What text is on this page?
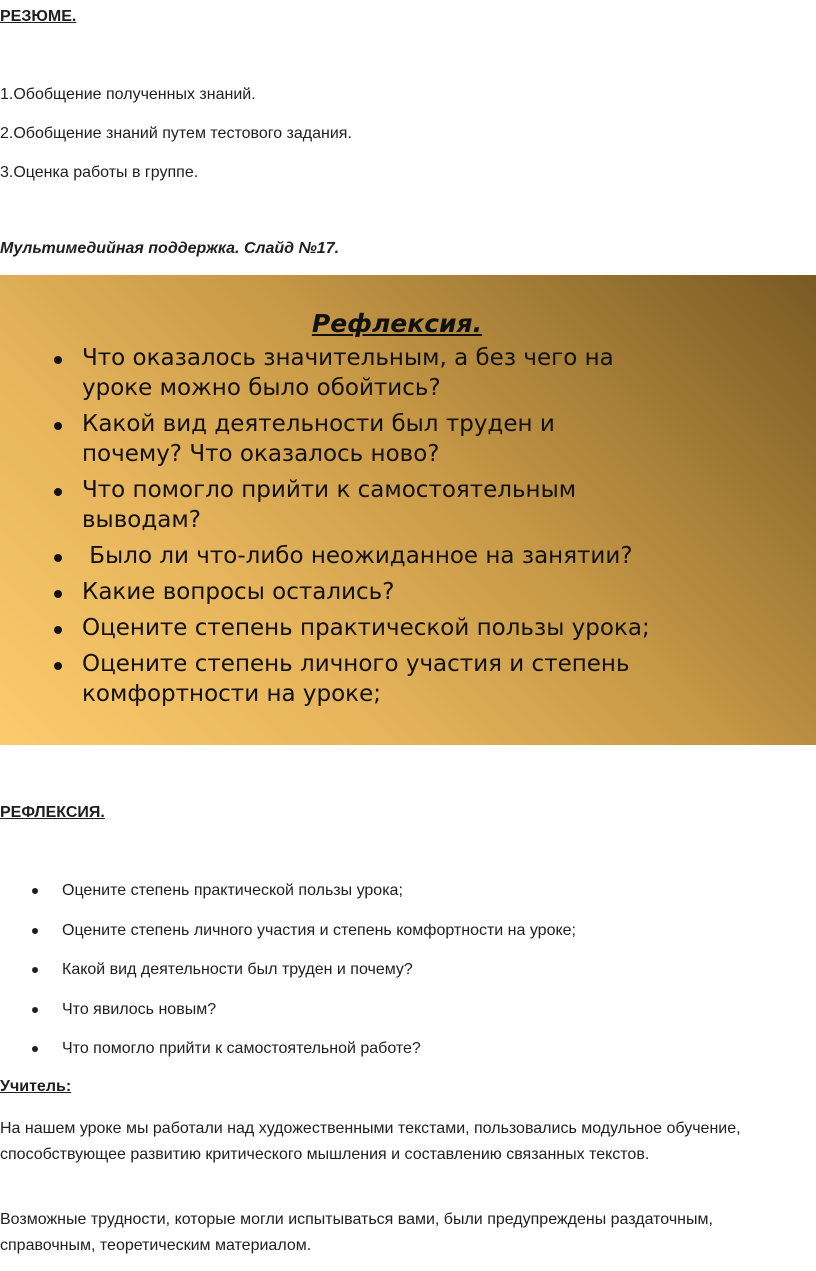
РЕЗЮМЕ.

1.Обобщение полученных знаний.

2.Обобщение знаний путем тестового задания.

3.Оценка работы в группе.

Мультимедийная поддержка. Слайд №17.

Рефлексия.

Что оказалось значительным, а без чего на
уроке можно было обойтись?
Какой вид деятельности был труден и
почему? Что оказалось ново?
Что помогло прийти к самостоятельным
выводам?
Было ли что-либо неожиданное на занятии?
Какие вопросы остались?
Оцените степень практической пользы урока;
Оцените степень личного участия и степень
комфортности на уроке;

РЕФЛЕКСИЯ.

Оцените степень практической пользы урока;
Оцените степень личного участия и степень комфортности на уроке;
Какой вид деятельности был труден и почему?
Что явилось новым?
Что помогло прийти к самостоятельной работе?

Учитель:

На нашем уроке мы работали над художественными текстами, пользовались модульное обучение, способствующее развитию критического мышления и составлению связанных текстов.

Возможные трудности, которые могли испытываться вами, были предупреждены раздаточным, справочным, теоретическим материалом.
